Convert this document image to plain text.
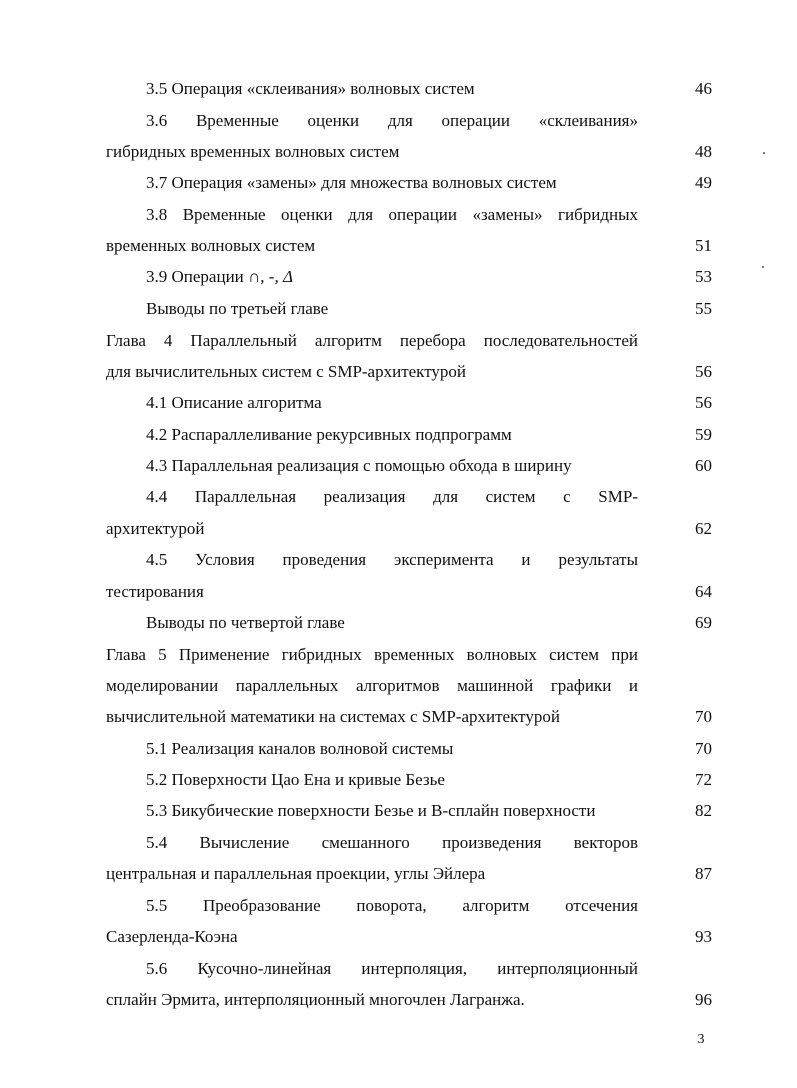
3.5 Операция «склеивания» волновых систем	46
3.6 Временные оценки для операции «склеивания»
гибридных временных волновых систем	48
3.7 Операция «замены» для множества волновых систем	49
3.8 Временные оценки для операции «замены» гибридных
временных волновых систем	51
3.9 Операции ∩, -, Δ	53
Выводы по третьей главе	55
Глава 4 Параллельный алгоритм перебора последовательностей
для вычислительных систем с SMP-архитектурой	56
4.1 Описание алгоритма	56
4.2 Распараллеливание рекурсивных подпрограмм	59
4.3 Параллельная реализация с помощью обхода в ширину	60
4.4 Параллельная реализация для систем с SMP-
архитектурой	62
4.5 Условия проведения эксперимента и результаты
тестирования	64
Выводы по четвертой главе	69
Глава 5 Применение гибридных временных волновых систем при
моделировании параллельных алгоритмов машинной графики и
вычислительной математики на системах с SMP-архитектурой	70
5.1 Реализация каналов волновой системы	70
5.2 Поверхности Цао Ена и кривые Безье	72
5.3 Бикубические поверхности Безье и B-сплайн поверхности	82
5.4 Вычисление смешанного произведения векторов
центральная и параллельная проекции, углы Эйлера	87
5.5 Преобразование поворота, алгоритм отсечения
Сазерленда-Коэна	93
5.6 Кусочно-линейная интерполяция, интерполяционный
сплайн Эрмита, интерполяционный многочлен Лагранжа.	96
3
